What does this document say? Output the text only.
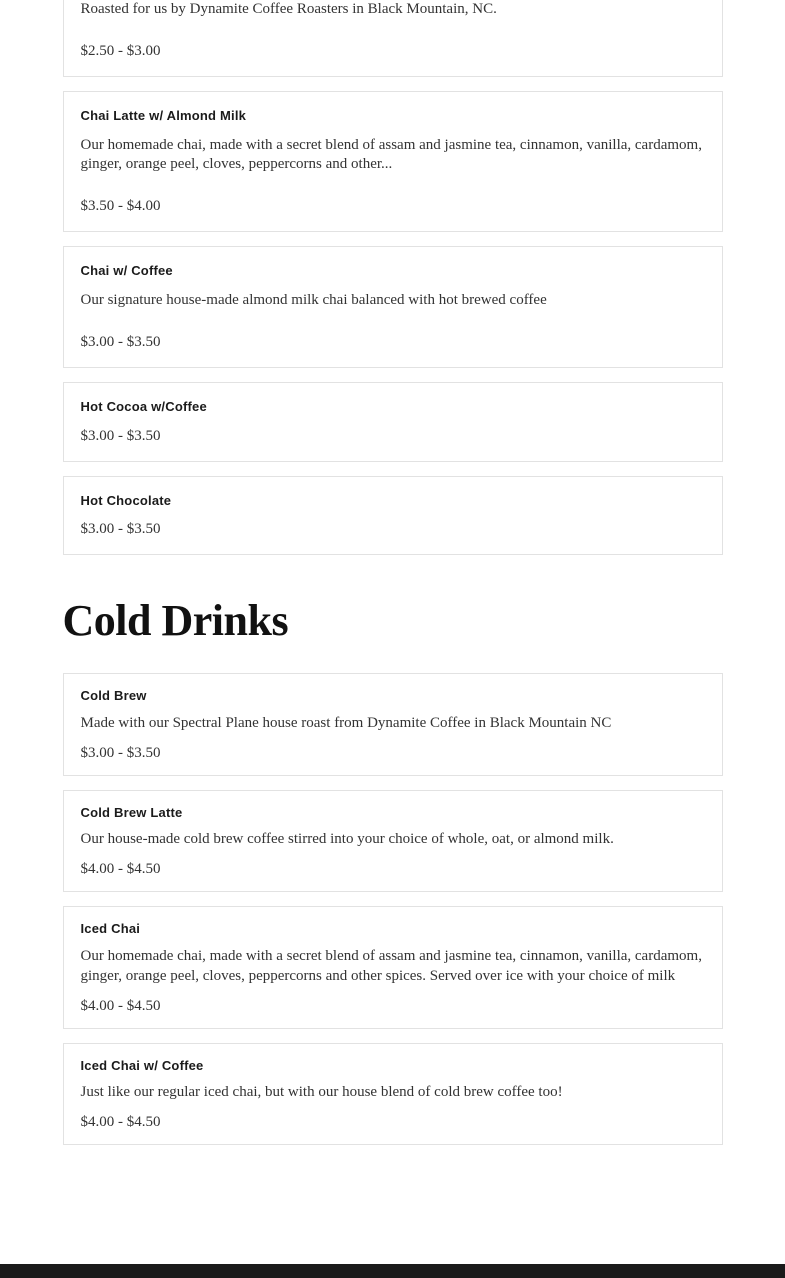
Roasted for us by Dynamite Coffee Roasters in Black Mountain, NC.

$2.50 - $3.00

Chai Latte w/ Almond Milk

Our homemade chai, made with a secret blend of assam and jasmine tea, cinnamon, vanilla, cardamom, ginger, orange peel, cloves, peppercorns and other...

$3.50 - $4.00

Chai w/ Coffee

Our signature house-made almond milk chai balanced with hot brewed coffee

$3.00 - $3.50

Hot Cocoa w/Coffee

$3.00 - $3.50

Hot Chocolate

$3.00 - $3.50

Cold Drinks
Cold Brew

Made with our Spectral Plane house roast from Dynamite Coffee in Black Mountain NC

$3.00 - $3.50

Cold Brew Latte

Our house-made cold brew coffee stirred into your choice of whole, oat, or almond milk.

$4.00 - $4.50

Iced Chai

Our homemade chai, made with a secret blend of assam and jasmine tea, cinnamon, vanilla, cardamom, ginger, orange peel, cloves, peppercorns and other spices. Served over ice with your choice of milk

$4.00 - $4.50

Iced Chai w/ Coffee

Just like our regular iced chai, but with our house blend of cold brew coffee too!

$4.00 - $4.50
